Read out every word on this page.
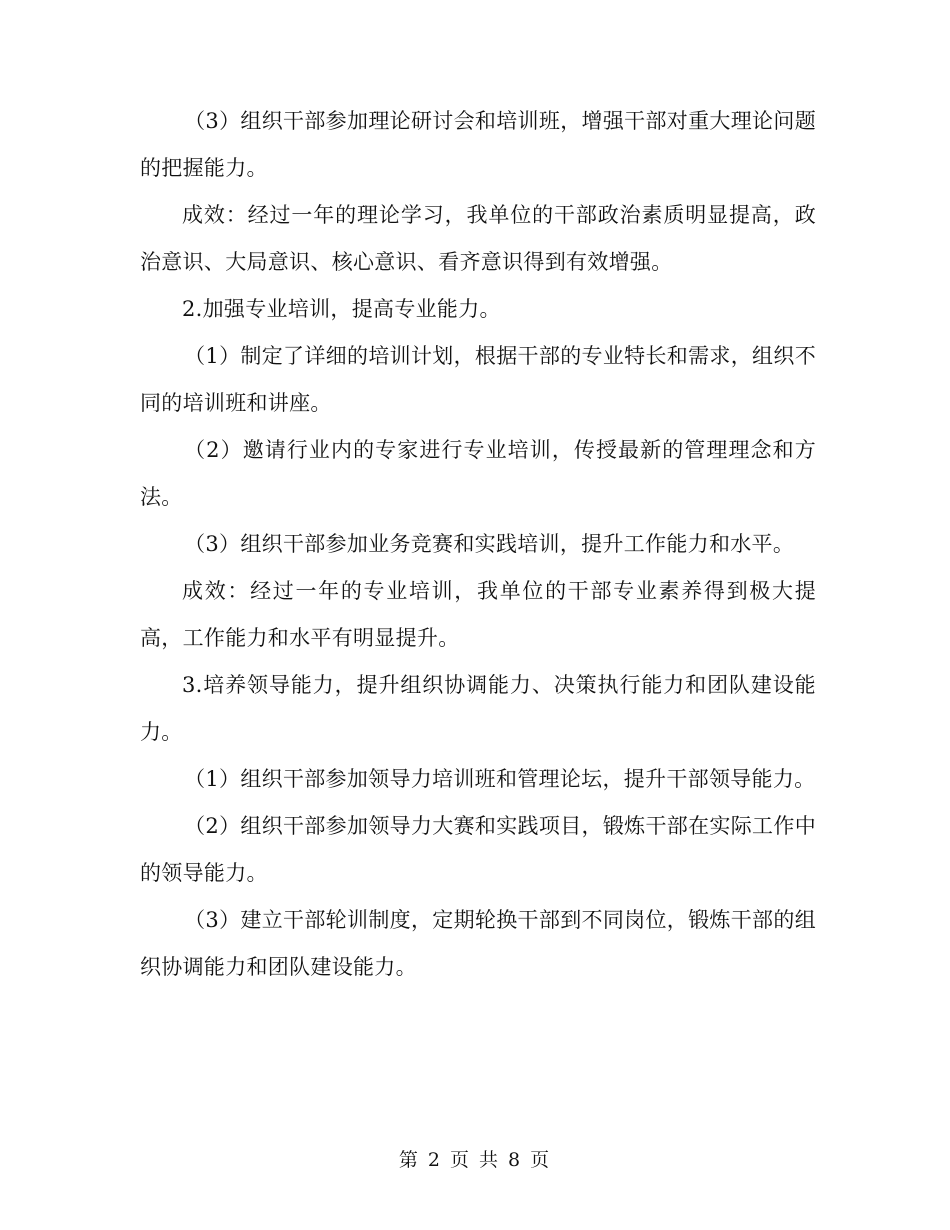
（3）组织干部参加理论研讨会和培训班，增强干部对重大理论问题的把握能力。

成效：经过一年的理论学习，我单位的干部政治素质明显提高，政治意识、大局意识、核心意识、看齐意识得到有效增强。

2.加强专业培训，提高专业能力。

（1）制定了详细的培训计划，根据干部的专业特长和需求，组织不同的培训班和讲座。

（2）邀请行业内的专家进行专业培训，传授最新的管理理念和方法。

（3）组织干部参加业务竞赛和实践培训，提升工作能力和水平。

成效：经过一年的专业培训，我单位的干部专业素养得到极大提高，工作能力和水平有明显提升。

3.培养领导能力，提升组织协调能力、决策执行能力和团队建设能力。

（1）组织干部参加领导力培训班和管理论坛，提升干部领导能力。

（2）组织干部参加领导力大赛和实践项目，锻炼干部在实际工作中的领导能力。

（3）建立干部轮训制度，定期轮换干部到不同岗位，锻炼干部的组织协调能力和团队建设能力。

第 2 页 共 8 页
